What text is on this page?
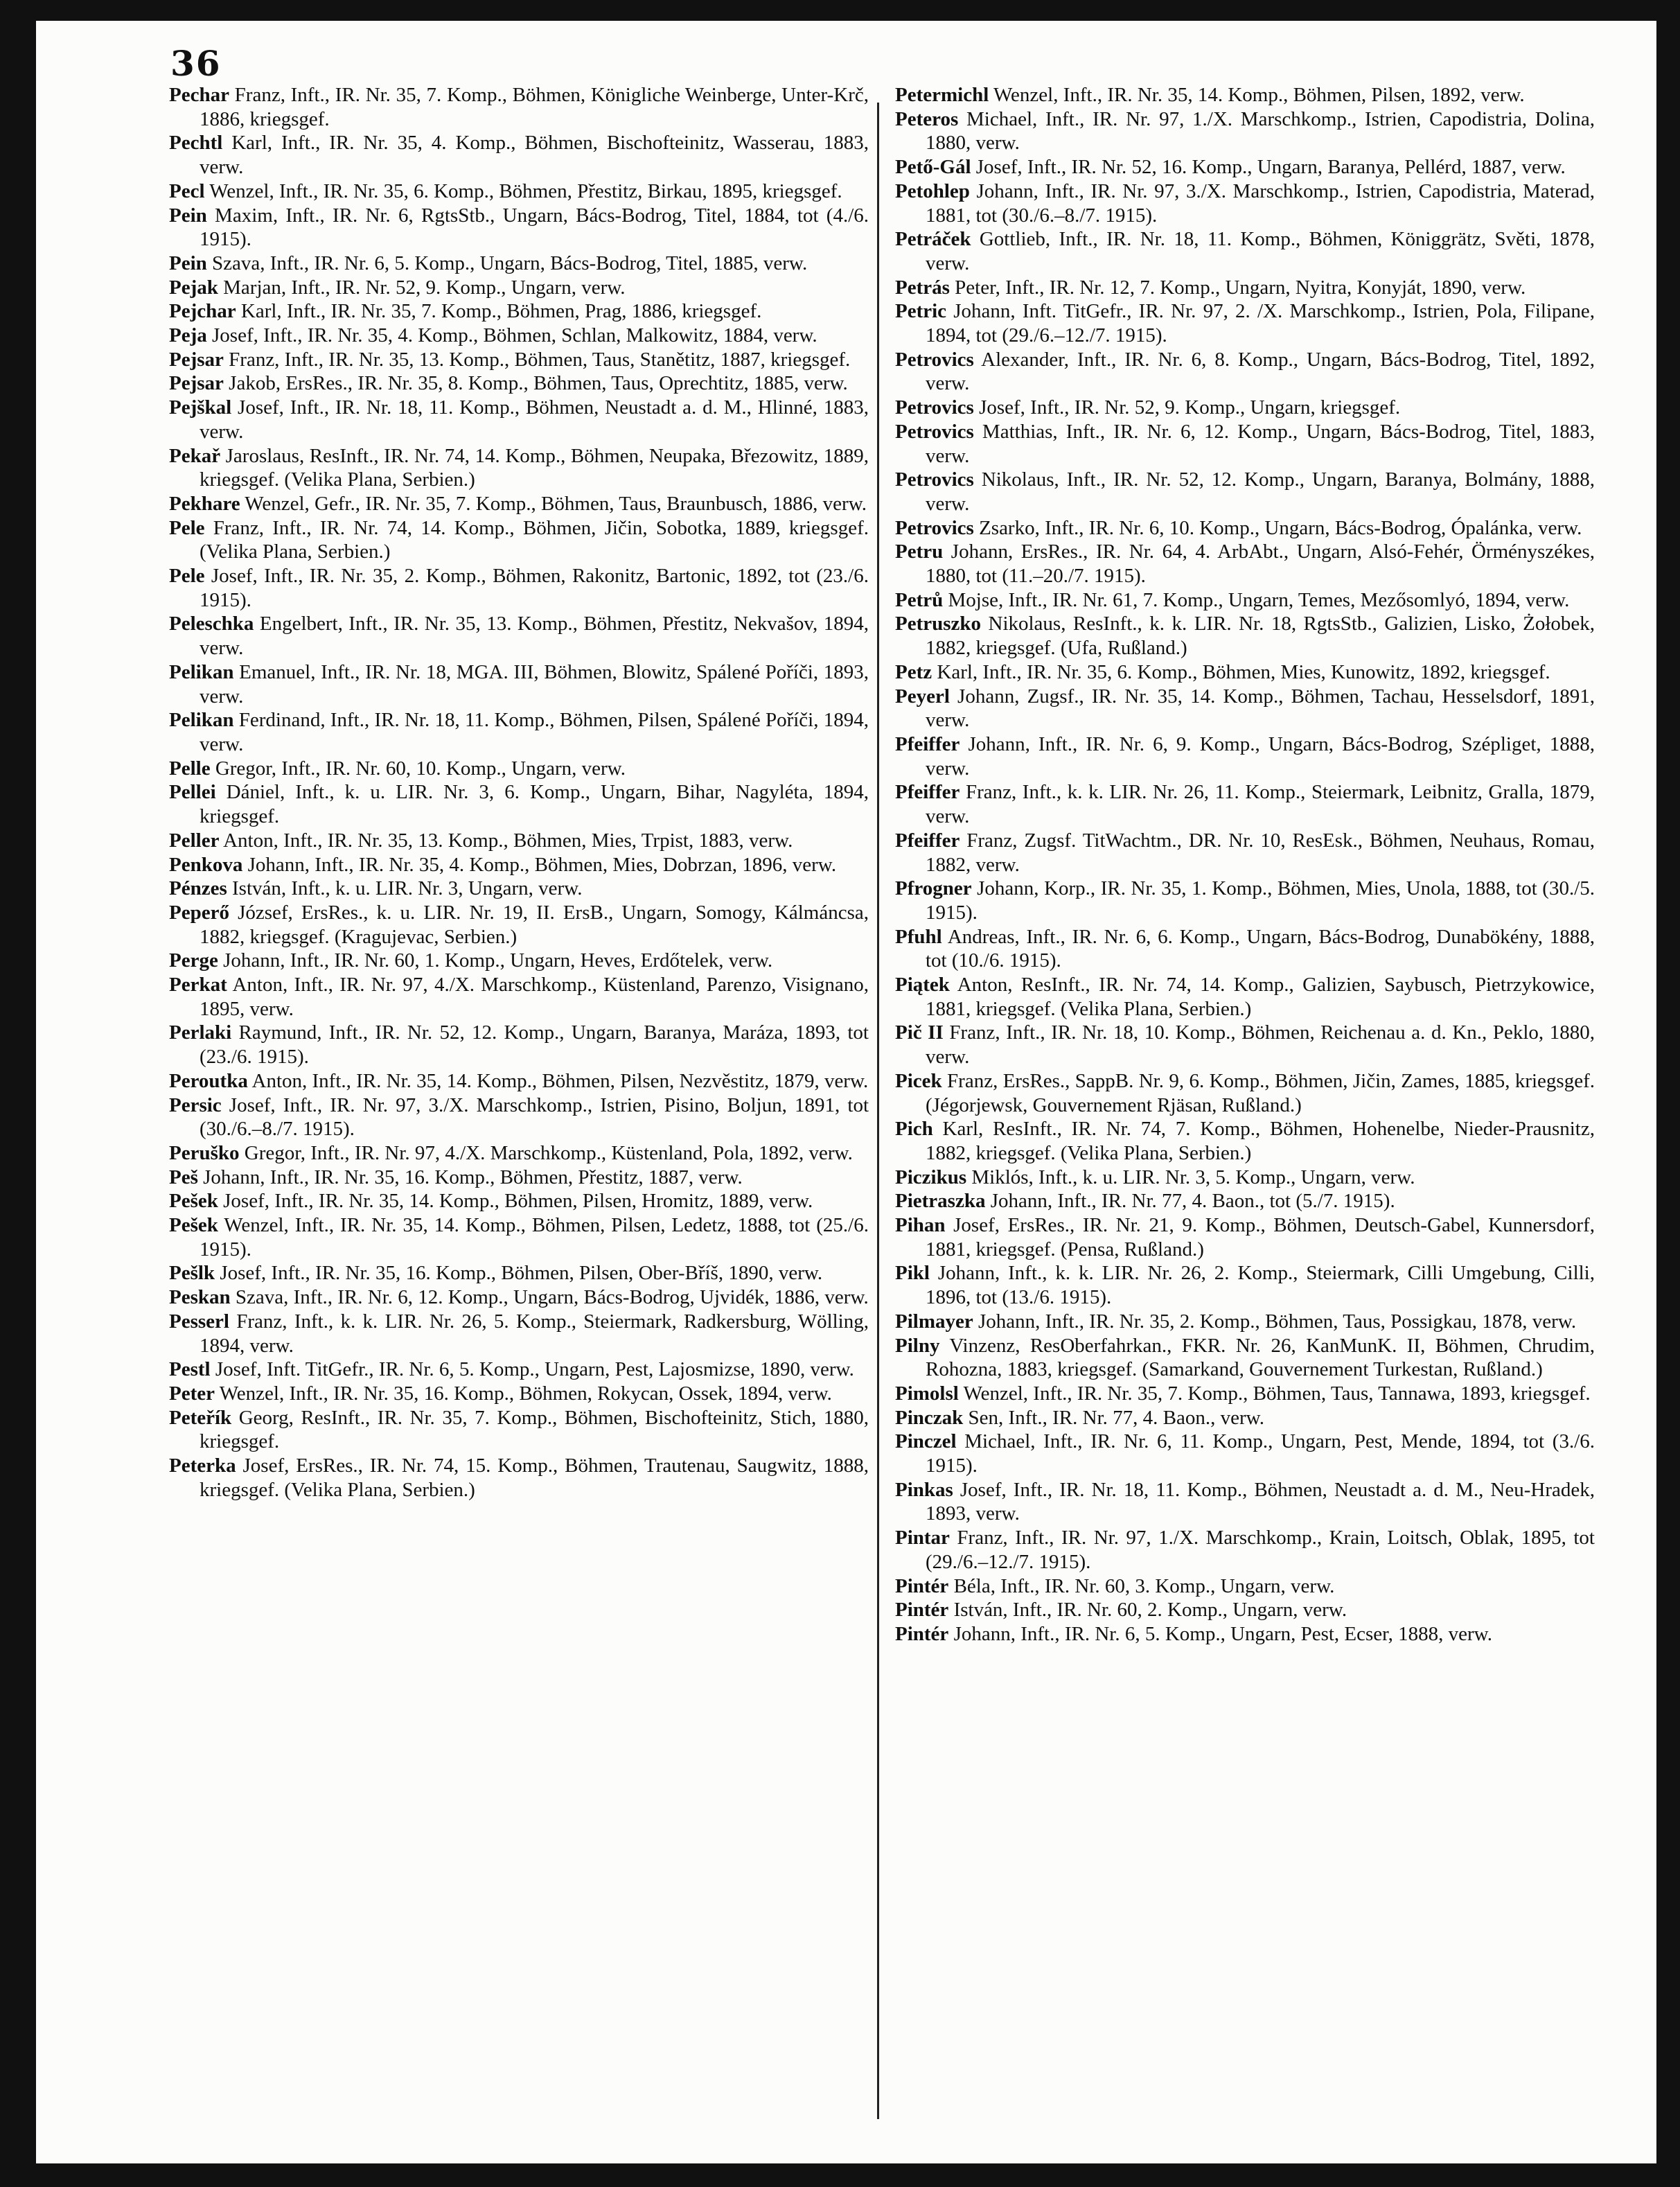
36

Pechar Franz, Inft., IR. Nr. 35, 7. Komp., Böhmen, Königliche Weinberge, Unter-Krč, 1886, kriegsgef.

Pechtl Karl, Inft., IR. Nr. 35, 4. Komp., Böhmen, Bischofteinitz, Wasserau, 1883, verw.

Pecl Wenzel, Inft., IR. Nr. 35, 6. Komp., Böhmen, Přestitz, Birkau, 1895, kriegsgef.

Pein Maxim, Inft., IR. Nr. 6, RgtsStb., Ungarn, Bács-Bodrog, Titel, 1884, tot (4./6. 1915).

Pein Szava, Inft., IR. Nr. 6, 5. Komp., Ungarn, Bács-Bodrog, Titel, 1885, verw.

Pejak Marjan, Inft., IR. Nr. 52, 9. Komp., Ungarn, verw.

Pejchar Karl, Inft., IR. Nr. 35, 7. Komp., Böhmen, Prag, 1886, kriegsgef.

Peja Josef, Inft., IR. Nr. 35, 4. Komp., Böhmen, Schlan, Malkowitz, 1884, verw.

Pejsar Franz, Inft., IR. Nr. 35, 13. Komp., Böhmen, Taus, Stanětitz, 1887, kriegsgef.

Pejsar Jakob, ErsRes., IR. Nr. 35, 8. Komp., Böhmen, Taus, Oprechtitz, 1885, verw.

Pejškal Josef, Inft., IR. Nr. 18, 11. Komp., Böhmen, Neustadt a. d. M., Hlinné, 1883, verw.

Pekař Jaroslaus, ResInft., IR. Nr. 74, 14. Komp., Böhmen, Neupaka, Březowitz, 1889, kriegsgef. (Velika Plana, Serbien.)

Pekhare Wenzel, Gefr., IR. Nr. 35, 7. Komp., Böhmen, Taus, Braunbusch, 1886, verw.

Pele Franz, Inft., IR. Nr. 74, 14. Komp., Böhmen, Jičin, Sobotka, 1889, kriegsgef. (Velika Plana, Serbien.)

Pele Josef, Inft., IR. Nr. 35, 2. Komp., Böhmen, Rakonitz, Bartonic, 1892, tot (23./6. 1915).

Peleschka Engelbert, Inft., IR. Nr. 35, 13. Komp., Böhmen, Přestitz, Nekvašov, 1894, verw.

Pelikan Emanuel, Inft., IR. Nr. 18, MGA. III, Böhmen, Blowitz, Spálené Poříči, 1893, verw.

Pelikan Ferdinand, Inft., IR. Nr. 18, 11. Komp., Böhmen, Pilsen, Spálené Poříči, 1894, verw.

Pelle Gregor, Inft., IR. Nr. 60, 10. Komp., Ungarn, verw.

Pellei Dániel, Inft., k. u. LIR. Nr. 3, 6. Komp., Ungarn, Bihar, Nagyléta, 1894, kriegsgef.

Peller Anton, Inft., IR. Nr. 35, 13. Komp., Böhmen, Mies, Trpist, 1883, verw.

Penkova Johann, Inft., IR. Nr. 35, 4. Komp., Böhmen, Mies, Dobrzan, 1896, verw.

Pénzes István, Inft., k. u. LIR. Nr. 3, Ungarn, verw.

Peperő József, ErsRes., k. u. LIR. Nr. 19, II. ErsB., Ungarn, Somogy, Kálmáncsa, 1882, kriegsgef. (Kragujevac, Serbien.)

Perge Johann, Inft., IR. Nr. 60, 1. Komp., Ungarn, Heves, Erdőtelek, verw.

Perkat Anton, Inft., IR. Nr. 97, 4./X. Marschkomp., Küstenland, Parenzo, Visignano, 1895, verw.

Perlaki Raymund, Inft., IR. Nr. 52, 12. Komp., Ungarn, Baranya, Maráza, 1893, tot (23./6. 1915).

Peroutka Anton, Inft., IR. Nr. 35, 14. Komp., Böhmen, Pilsen, Nezvěstitz, 1879, verw.

Persic Josef, Inft., IR. Nr. 97, 3./X. Marschkomp., Istrien, Pisino, Boljun, 1891, tot (30./6.–8./7. 1915).

Peruško Gregor, Inft., IR. Nr. 97, 4./X. Marschkomp., Küstenland, Pola, 1892, verw.

Peš Johann, Inft., IR. Nr. 35, 16. Komp., Böhmen, Přestitz, 1887, verw.

Pešek Josef, Inft., IR. Nr. 35, 14. Komp., Böhmen, Pilsen, Hromitz, 1889, verw.

Pešek Wenzel, Inft., IR. Nr. 35, 14. Komp., Böhmen, Pilsen, Ledetz, 1888, tot (25./6. 1915).

Pešlk Josef, Inft., IR. Nr. 35, 16. Komp., Böhmen, Pilsen, Ober-Bříš, 1890, verw.

Peskan Szava, Inft., IR. Nr. 6, 12. Komp., Ungarn, Bács-Bodrog, Ujvidék, 1886, verw.

Pesserl Franz, Inft., k. k. LIR. Nr. 26, 5. Komp., Steiermark, Radkersburg, Wölling, 1894, verw.

Pestl Josef, Inft. TitGefr., IR. Nr. 6, 5. Komp., Ungarn, Pest, Lajosmizse, 1890, verw.

Peter Wenzel, Inft., IR. Nr. 35, 16. Komp., Böhmen, Rokycan, Ossek, 1894, verw.

Peteřík Georg, ResInft., IR. Nr. 35, 7. Komp., Böhmen, Bischofteinitz, Stich, 1880, kriegsgef.

Peterka Josef, ErsRes., IR. Nr. 74, 15. Komp., Böhmen, Trautenau, Saugwitz, 1888, kriegsgef. (Velika Plana, Serbien.)

Petermichl Wenzel, Inft., IR. Nr. 35, 14. Komp., Böhmen, Pilsen, 1892, verw.

Peteros Michael, Inft., IR. Nr. 97, 1./X. Marschkomp., Istrien, Capodistria, Dolina, 1880, verw.

Pető-Gál Josef, Inft., IR. Nr. 52, 16. Komp., Ungarn, Baranya, Pellérd, 1887, verw.

Petohlep Johann, Inft., IR. Nr. 97, 3./X. Marschkomp., Istrien, Capodistria, Materad, 1881, tot (30./6.–8./7. 1915).

Petráček Gottlieb, Inft., IR. Nr. 18, 11. Komp., Böhmen, Königgrätz, Světi, 1878, verw.

Petrás Peter, Inft., IR. Nr. 12, 7. Komp., Ungarn, Nyitra, Konyját, 1890, verw.

Petric Johann, Inft. TitGefr., IR. Nr. 97, 2. /X. Marschkomp., Istrien, Pola, Filipane, 1894, tot (29./6.–12./7. 1915).

Petrovics Alexander, Inft., IR. Nr. 6, 8. Komp., Ungarn, Bács-Bodrog, Titel, 1892, verw.

Petrovics Josef, Inft., IR. Nr. 52, 9. Komp., Ungarn, kriegsgef.

Petrovics Matthias, Inft., IR. Nr. 6, 12. Komp., Ungarn, Bács-Bodrog, Titel, 1883, verw.

Petrovics Nikolaus, Inft., IR. Nr. 52, 12. Komp., Ungarn, Baranya, Bolmány, 1888, verw.

Petrovics Zsarko, Inft., IR. Nr. 6, 10. Komp., Ungarn, Bács-Bodrog, Ópalánka, verw.

Petru Johann, ErsRes., IR. Nr. 64, 4. ArbAbt., Ungarn, Alsó-Fehér, Örményszékes, 1880, tot (11.–20./7. 1915).

Petrů Mojse, Inft., IR. Nr. 61, 7. Komp., Ungarn, Temes, Mezősomlyó, 1894, verw.

Petruszko Nikolaus, ResInft., k. k. LIR. Nr. 18, RgtsStb., Galizien, Lisko, Żołobek, 1882, kriegsgef. (Ufa, Rußland.)

Petz Karl, Inft., IR. Nr. 35, 6. Komp., Böhmen, Mies, Kunowitz, 1892, kriegsgef.

Peyerl Johann, Zugsf., IR. Nr. 35, 14. Komp., Böhmen, Tachau, Hesselsdorf, 1891, verw.

Pfeiffer Johann, Inft., IR. Nr. 6, 9. Komp., Ungarn, Bács-Bodrog, Szépliget, 1888, verw.

Pfeiffer Franz, Inft., k. k. LIR. Nr. 26, 11. Komp., Steiermark, Leibnitz, Gralla, 1879, verw.

Pfeiffer Franz, Zugsf. TitWachtm., DR. Nr. 10, ResEsk., Böhmen, Neuhaus, Romau, 1882, verw.

Pfrogner Johann, Korp., IR. Nr. 35, 1. Komp., Böhmen, Mies, Unola, 1888, tot (30./5. 1915).

Pfuhl Andreas, Inft., IR. Nr. 6, 6. Komp., Ungarn, Bács-Bodrog, Dunabökény, 1888, tot (10./6. 1915).

Piątek Anton, ResInft., IR. Nr. 74, 14. Komp., Galizien, Saybusch, Pietrzykowice, 1881, kriegsgef. (Velika Plana, Serbien.)

Pič II Franz, Inft., IR. Nr. 18, 10. Komp., Böhmen, Reichenau a. d. Kn., Peklo, 1880, verw.

Picek Franz, ErsRes., SappB. Nr. 9, 6. Komp., Böhmen, Jičin, Zames, 1885, kriegsgef. (Jégorjewsk, Gouvernement Rjäsan, Rußland.)

Pich Karl, ResInft., IR. Nr. 74, 7. Komp., Böhmen, Hohenelbe, Nieder-Prausnitz, 1882, kriegsgef. (Velika Plana, Serbien.)

Piczikus Miklós, Inft., k. u. LIR. Nr. 3, 5. Komp., Ungarn, verw.

Pietraszka Johann, Inft., IR. Nr. 77, 4. Baon., tot (5./7. 1915).

Pihan Josef, ErsRes., IR. Nr. 21, 9. Komp., Böhmen, Deutsch-Gabel, Kunnersdorf, 1881, kriegsgef. (Pensa, Rußland.)

Pikl Johann, Inft., k. k. LIR. Nr. 26, 2. Komp., Steiermark, Cilli Umgebung, Cilli, 1896, tot (13./6. 1915).

Pilmayer Johann, Inft., IR. Nr. 35, 2. Komp., Böhmen, Taus, Possigkau, 1878, verw.

Pilny Vinzenz, ResOberfahrkan., FKR. Nr. 26, KanMunK. II, Böhmen, Chrudim, Rohozna, 1883, kriegsgef. (Samarkand, Gouvernement Turkestan, Rußland.)

Pimolsl Wenzel, Inft., IR. Nr. 35, 7. Komp., Böhmen, Taus, Tannawa, 1893, kriegsgef.

Pinczak Sen, Inft., IR. Nr. 77, 4. Baon., verw.

Pinczel Michael, Inft., IR. Nr. 6, 11. Komp., Ungarn, Pest, Mende, 1894, tot (3./6. 1915).

Pinkas Josef, Inft., IR. Nr. 18, 11. Komp., Böhmen, Neustadt a. d. M., Neu-Hradek, 1893, verw.

Pintar Franz, Inft., IR. Nr. 97, 1./X. Marschkomp., Krain, Loitsch, Oblak, 1895, tot (29./6.–12./7. 1915).

Pintér Béla, Inft., IR. Nr. 60, 3. Komp., Ungarn, verw.

Pintér István, Inft., IR. Nr. 60, 2. Komp., Ungarn, verw.

Pintér Johann, Inft., IR. Nr. 6, 5. Komp., Ungarn, Pest, Ecser, 1888, verw.
